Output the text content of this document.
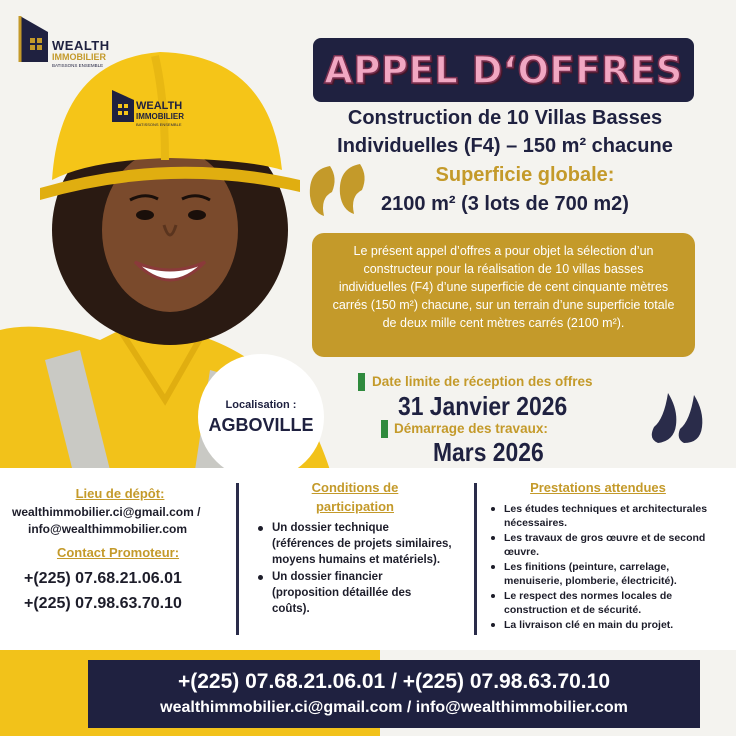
WEALTH
IMMOBILIER
BATISSONS ENSEMBLE
WEALTH
IMMOBILIER
BATISSONS ENSEMBLE	APPEL D‘OFFRES
Construction de 10 Villas Basses
Individuelles (F4) – 150 m² chacune
Superficie globale:
2100 m² (3 lots de 700 m2)
Le présent appel d’offres a pour objet la sélection d’un constructeur pour la réalisation de 10 villas basses individuelles (F4) d’une superficie de cent cinquante mètres carrés (150 m²) chacune, sur un terrain d’une superficie totale de deux mille cent mètres carrés (2100 m²).
Localisation :
AGBOVILLE
Date limite de réception des offres
31 Janvier 2026
Démarrage des travaux:
Mars 2026
Lieu de dépôt:
wealthimmobilier.ci@gmail.com /
info@wealthimmobilier.com
Contact Promoteur:
+(225) 07.68.21.06.01
+(225) 07.98.63.70.10
Conditions de
participation
Un dossier technique (références de projets similaires, moyens humains et matériels).
Un dossier financier (proposition détaillée des coûts).
Prestations attendues
Les études techniques et architecturales nécessaires.
Les travaux de gros œuvre et de second œuvre.
Les finitions (peinture, carrelage, menuiserie, plomberie, électricité).
Le respect des normes locales de construction et de sécurité.
La livraison clé en main du projet.
+(225) 07.68.21.06.01 / +(225) 07.98.63.70.10
wealthimmobilier.ci@gmail.com / info@wealthimmobilier.com
